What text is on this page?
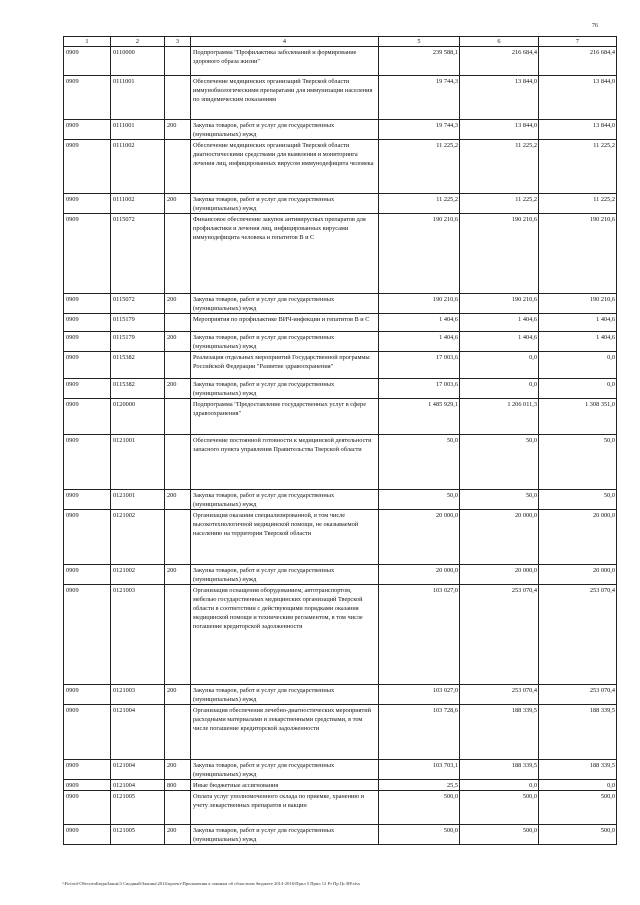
76
1	2	3	4	5	6	7
0909	0110000		Подпрограмма "Профилактика заболеваний и формирование здорового образа жизни"	239 588,1	216 684,4	216 684,4
0909	0111001		Обеспечение медицинских организаций Тверской области иммунобиологическими препаратами для иммунизации населения по эпидемическим показаниям	19 744,3	13 844,0	13 844,0
0909	0111001	200	Закупка товаров, работ и услуг для государственных (муниципальных) нужд	19 744,3	13 844,0	13 844,0
0909	0111002		Обеспечение медицинских организаций Тверской области диагностическими средствами для выявления и мониторинга лечения лиц, инфицированных вирусом иммунодефицита человека	11 225,2	11 225,2	11 225,2
0909	0111002	200	Закупка товаров, работ и услуг для государственных (муниципальных) нужд	11 225,2	11 225,2	11 225,2
0909	0115072		Финансовое обеспечение закупок антивирусных препаратов для профилактики и лечения лиц, инфицированных вирусами иммунодефицита человека и гепатитов В и С	190 210,6	190 210,6	190 210,6
0909	0115072	200	Закупка товаров, работ и услуг для государственных (муниципальных) нужд	190 210,6	190 210,6	190 210,6
0909	0115179		Мероприятия по профилактике ВИЧ-инфекции и гепатитов В и С	1 404,6	1 404,6	1 404,6
0909	0115179	200	Закупка товаров, работ и услуг для государственных (муниципальных) нужд	1 404,6	1 404,6	1 404,6
0909	0115382		Реализация отдельных мероприятий Государственной программы Российской Федерации "Развитие здравоохранения"	17 003,6	0,0	0,0
0909	0115382	200	Закупка товаров, работ и услуг для государственных (муниципальных) нужд	17 003,6	0,0	0,0
0909	0120000		Подпрограмма "Предоставление государственных услуг в сфере здравоохранения"	1 485 929,1	1 206 011,3	1 308 351,0
0909	0121001		Обеспечение постоянной готовности к медицинской деятельности запасного пункта управления Правительства Тверской области	50,0	50,0	50,0
0909	0121001	200	Закупка товаров, работ и услуг для государственных (муниципальных) нужд	50,0	50,0	50,0
0909	0121002		Организация оказания специализированной, в том числе высокотехнологичной медицинской помощи, не оказываемой населению на территории Тверской области	20 000,0	20 000,0	20 000,0
0909	0121002	200	Закупка товаров, работ и услуг для государственных (муниципальных) нужд	20 000,0	20 000,0	20 000,0
0909	0121003		Организация оснащения оборудованием, автотранспортом, мебелью государственных медицинских организаций Тверской области в соответствии с действующими порядками оказания медицинской помощи и техническим регламентом, в том числе погашение кредиторской задолженности	103 027,0	253 070,4	253 070,4
0909	0121003	200	Закупка товаров, работ и услуг для государственных (муниципальных) нужд	103 027,0	253 070,4	253 070,4
0909	0121004		Организация обеспечения лечебно-диагностических мероприятий расходными материалами и лекарственными средствами, в том числе погашение кредиторской задолженности	103 728,6	188 339,5	188 339,5
0909	0121004	200	Закупка товаров, работ и услуг для государственных (муниципальных) нужд	103 703,1	188 339,5	188 339,5
0909	0121004	800	Иные бюджетные ассигнования	25,5	0,0	0,0
0909	0121005		Оплата услуг уполномоченного склада по приемке, хранению и учету лекарственных препаратов и вакцин	500,0	500,0	500,0
0909	0121005	200	Закупка товаров, работ и услуг для государственных (муниципальных) нужд	500,0	500,0	500,0
\\Fin\otd-ОбеспечБюджЗакон\3 Сводный\Законы\2014\проект\Приложения к законам об областном бюджете 2014-2016\Прил 5 Прил 12 Рз Пр Цс ВР.xlsx
